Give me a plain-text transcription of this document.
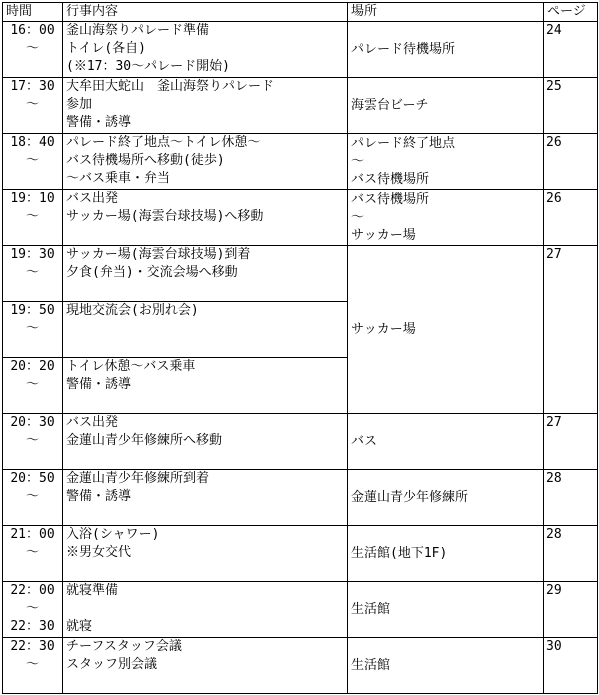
時間	行事内容	場所	ページ

16：00
～	釜山海祭りパレード準備
トイレ(各自)
(※17：30～パレード開始)	パレード待機場所	24

17：30
～	大牟田大蛇山　釜山海祭りパレード
参加
警備・誘導	海雲台ビーチ	25

18：40
～	パレード終了地点～トイレ休憩～
バス待機場所へ移動(徒歩)
～バス乗車・弁当	パレード終了地点
～
バス待機場所	26

19：10
～	バス出発
サッカー場(海雲台球技場)へ移動	バス待機場所
～
サッカー場	26

19：30
～	サッカー場(海雲台球技場)到着
夕食(弁当)・交流会場へ移動	サッカー場	27

19：50
～	現地交流会(お別れ会)		

20：20
～	トイレ休憩～バス乗車
警備・誘導		

20：30
～	バス出発
金蓮山青少年修練所へ移動	バス	27

20：50
～	金蓮山青少年修練所到着
警備・誘導	金蓮山青少年修練所	28

21：00
～	入浴(シャワー)
※男女交代	生活館(地下1F)	28

22：00
～
22：30	就寝準備
就寝	生活館	29

22：30
～	チーフスタッフ会議
スタッフ別会議	生活館	30
